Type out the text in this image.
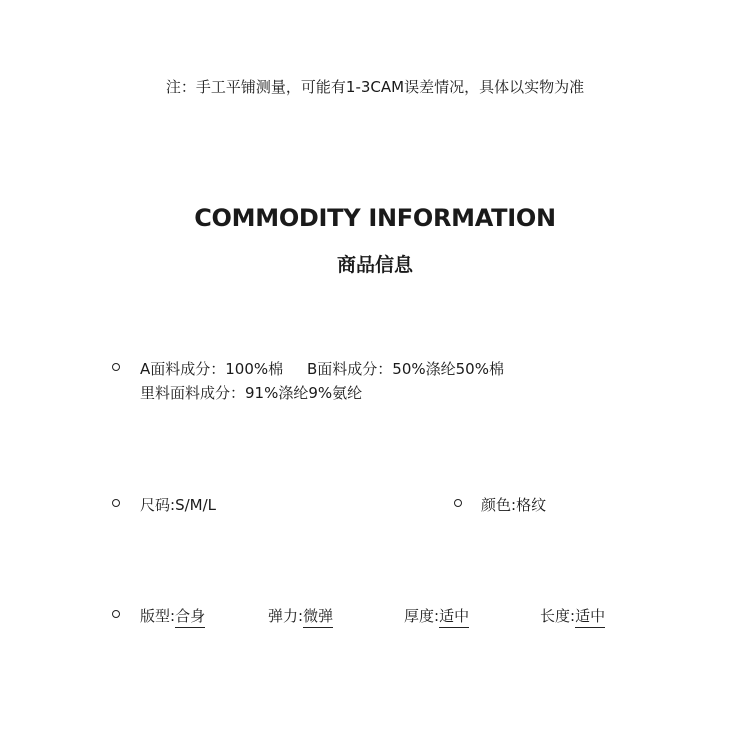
注：手工平铺测量，可能有1-3CAM误差情况，具体以实物为准
COMMODITY INFORMATION
商品信息
A面料成分：100%棉 B面料成分：50%涤纶50%棉
里料面料成分：91%涤纶9%氨纶
尺码:S/M/L	颜色:格纹
版型:合身	弹力:微弹	厚度:适中	长度:适中
